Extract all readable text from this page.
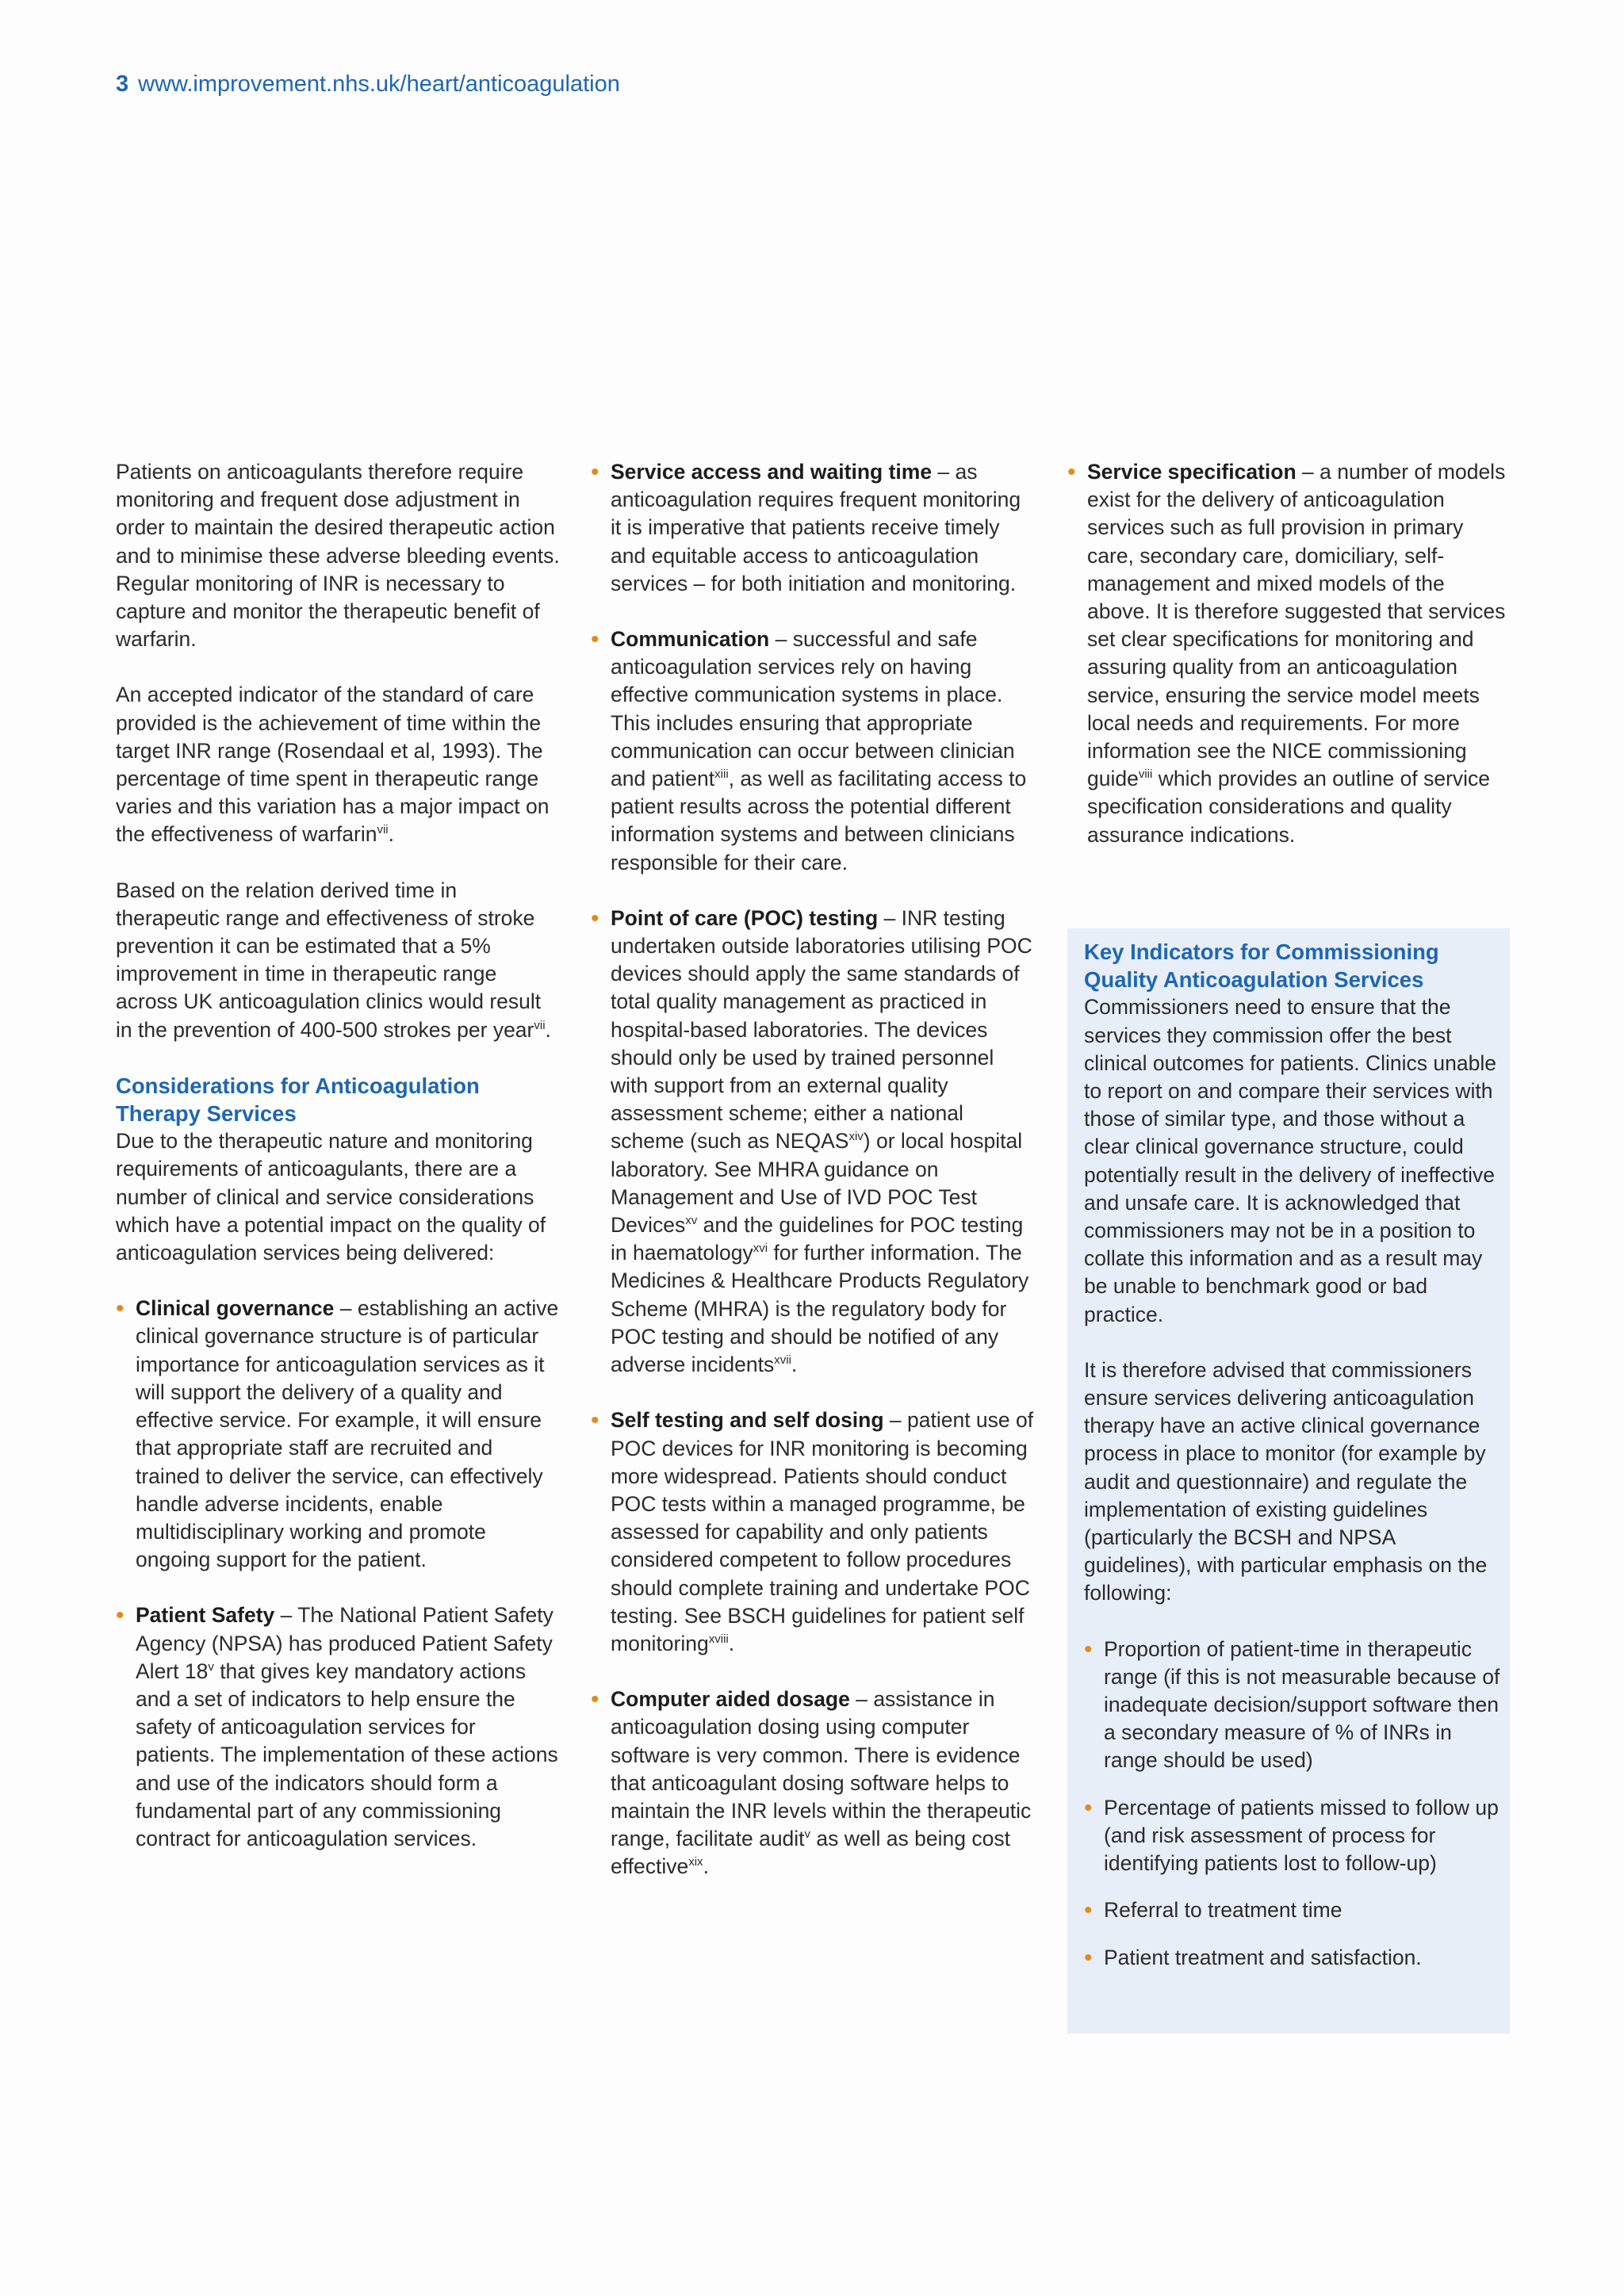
3 www.improvement.nhs.uk/heart/anticoagulation

Patients on anticoagulants therefore require monitoring and frequent dose adjustment in order to maintain the desired therapeutic action and to minimise these adverse bleeding events. Regular monitoring of INR is necessary to capture and monitor the therapeutic benefit of warfarin.

An accepted indicator of the standard of care provided is the achievement of time within the target INR range (Rosendaal et al, 1993). The percentage of time spent in therapeutic range varies and this variation has a major impact on the effectiveness of warfarin$^{vii}$.

Based on the relation derived time in therapeutic range and effectiveness of stroke prevention it can be estimated that a 5% improvement in time in therapeutic range across UK anticoagulation clinics would result in the prevention of 400-500 strokes per year$^{vii}$.

Considerations for Anticoagulation Therapy Services

Due to the therapeutic nature and monitoring requirements of anticoagulants, there are a number of clinical and service considerations which have a potential impact on the quality of anticoagulation services being delivered:

• Clinical governance – establishing an active clinical governance structure is of particular importance for anticoagulation services as it will support the delivery of a quality and effective service. For example, it will ensure that appropriate staff are recruited and trained to deliver the service, can effectively handle adverse incidents, enable multidisciplinary working and promote ongoing support for the patient.
• Patient Safety – The National Patient Safety Agency (NPSA) has produced Patient Safety Alert 18$^v$ that gives key mandatory actions and a set of indicators to help ensure the safety of anticoagulation services for patients. The implementation of these actions and use of the indicators should form a fundamental part of any commissioning contract for anticoagulation services.
• Service access and waiting time – as anticoagulation requires frequent monitoring it is imperative that patients receive timely and equitable access to anticoagulation services – for both initiation and monitoring.
• Communication – successful and safe anticoagulation services rely on having effective communication systems in place. This includes ensuring that appropriate communication can occur between clinician and patient$^{xiii}$, as well as facilitating access to patient results across the potential different information systems and between clinicians responsible for their care.
• Point of care (POC) testing – INR testing undertaken outside laboratories utilising POC devices should apply the same standards of total quality management as practiced in hospital-based laboratories. The devices should only be used by trained personnel with support from an external quality assessment scheme; either a national scheme (such as NEQAS$^{xiv}$) or local hospital laboratory. See MHRA guidance on Management and Use of IVD POC Test Devices$^{xv}$ and the guidelines for POC testing in haematology$^{xvi}$ for further information. The Medicines & Healthcare Products Regulatory Scheme (MHRA) is the regulatory body for POC testing and should be notified of any adverse incidents$^{xvii}$.
• Self testing and self dosing – patient use of POC devices for INR monitoring is becoming more widespread. Patients should conduct POC tests within a managed programme, be assessed for capability and only patients considered competent to follow procedures should complete training and undertake POC testing. See BSCH guidelines for patient self monitoring$^{xviii}$.
• Computer aided dosage – assistance in anticoagulation dosing using computer software is very common. There is evidence that anticoagulant dosing software helps to maintain the INR levels within the therapeutic range, facilitate audit$^v$ as well as being cost effective$^{xix}$.
• Service specification – a number of models exist for the delivery of anticoagulation services such as full provision in primary care, secondary care, domiciliary, self-management and mixed models of the above. It is therefore suggested that services set clear specifications for monitoring and assuring quality from an anticoagulation service, ensuring the service model meets local needs and requirements. For more information see the NICE commissioning guide$^{viii}$ which provides an outline of service specification considerations and quality assurance indications.
Key Indicators for Commissioning Quality Anticoagulation Services

Commissioners need to ensure that the services they commission offer the best clinical outcomes for patients. Clinics unable to report on and compare their services with those of similar type, and those without a clear clinical governance structure, could potentially result in the delivery of ineffective and unsafe care. It is acknowledged that commissioners may not be in a position to collate this information and as a result may be unable to benchmark good or bad practice.

It is therefore advised that commissioners ensure services delivering anticoagulation therapy have an active clinical governance process in place to monitor (for example by audit and questionnaire) and regulate the implementation of existing guidelines (particularly the BCSH and NPSA guidelines), with particular emphasis on the following:

• Proportion of patient-time in therapeutic range (if this is not measurable because of inadequate decision/support software then a secondary measure of % of INRs in range should be used)
• Percentage of patients missed to follow up (and risk assessment of process for identifying patients lost to follow-up)
• Referral to treatment time
• Patient treatment and satisfaction.
